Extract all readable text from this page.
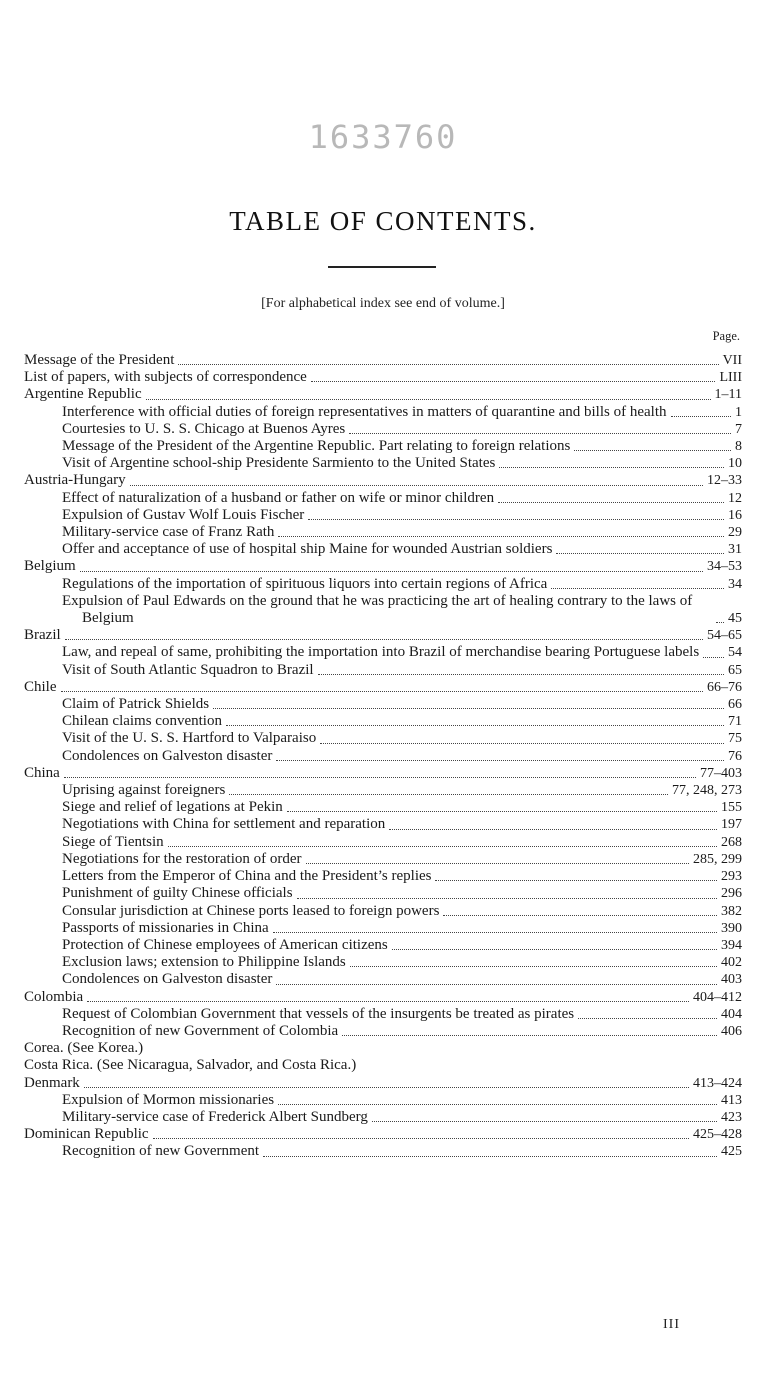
1633760
TABLE OF CONTENTS.
[For alphabetical index see end of volume.]
Page.
Message of the President	VII
List of papers, with subjects of correspondence	LIII
Argentine Republic	1–11
Interference with official duties of foreign representatives in matters of quarantine and bills of health	1
Courtesies to U. S. S. Chicago at Buenos Ayres	7
Message of the President of the Argentine Republic. Part relating to foreign relations	8
Visit of Argentine school-ship Presidente Sarmiento to the United States	10
Austria-Hungary	12–33
Effect of naturalization of a husband or father on wife or minor children	12
Expulsion of Gustav Wolf Louis Fischer	16
Military-service case of Franz Rath	29
Offer and acceptance of use of hospital ship Maine for wounded Austrian soldiers	31
Belgium	34–53
Regulations of the importation of spirituous liquors into certain regions of Africa	34
Expulsion of Paul Edwards on the ground that he was practicing the art of healing contrary to the laws of Belgium	45
Brazil	54–65
Law, and repeal of same, prohibiting the importation into Brazil of merchandise bearing Portuguese labels 54
Visit of South Atlantic Squadron to Brazil	65
Chile	66–76
Claim of Patrick Shields	66
Chilean claims convention	71
Visit of the U. S. S. Hartford to Valparaiso	75
Condolences on Galveston disaster	76
China	77–403
Uprising against foreigners	77, 248, 273
Siege and relief of legations at Pekin	155
Negotiations with China for settlement and reparation	197
Siege of Tientsin	268
Negotiations for the restoration of order	285, 299
Letters from the Emperor of China and the President’s replies	293
Punishment of guilty Chinese officials	296
Consular jurisdiction at Chinese ports leased to foreign powers	382
Passports of missionaries in China	390
Protection of Chinese employees of American citizens	394
Exclusion laws; extension to Philippine Islands	402
Condolences on Galveston disaster	403
Colombia	404–412
Request of Colombian Government that vessels of the insurgents be treated as pirates	404
Recognition of new Government of Colombia	406
Corea. (See Korea.)
Costa Rica. (See Nicaragua, Salvador, and Costa Rica.)
Denmark	413–424
Expulsion of Mormon missionaries	413
Military-service case of Frederick Albert Sundberg	423
Dominican Republic	425–428
Recognition of new Government	425
III
